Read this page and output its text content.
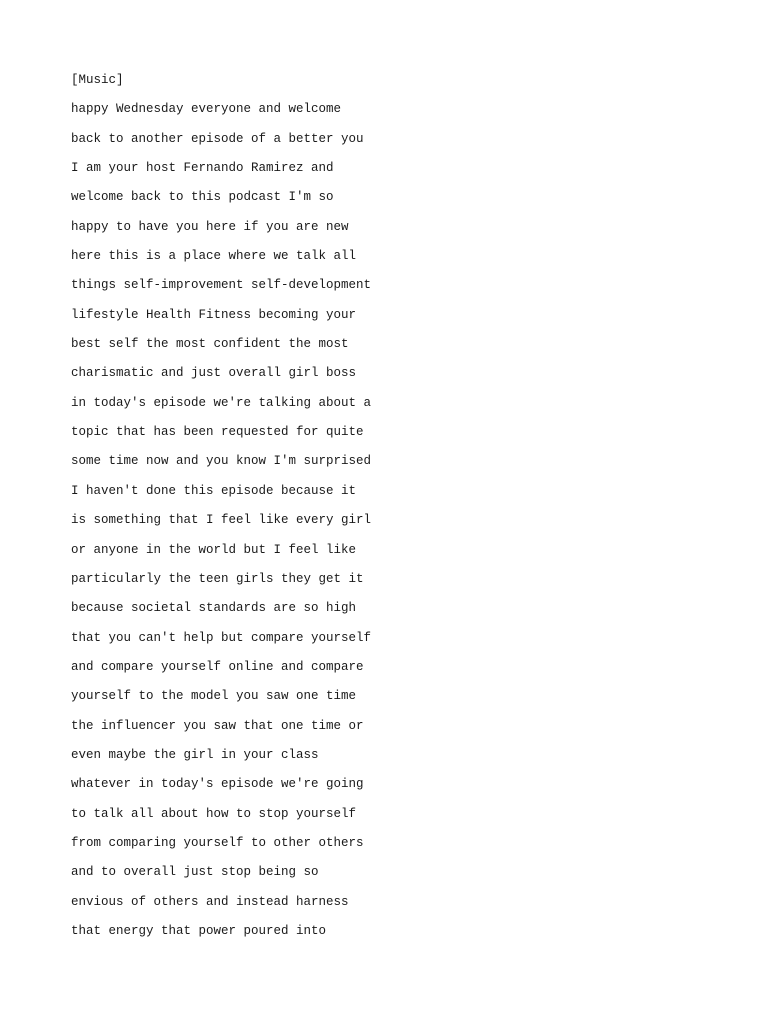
[Music]
happy Wednesday everyone and welcome
back to another episode of a better you
I am your host Fernando Ramirez and
welcome back to this podcast I'm so
happy to have you here if you are new
here this is a place where we talk all
things self-improvement self-development
lifestyle Health Fitness becoming your
best self the most confident the most
charismatic and just overall girl boss
in today's episode we're talking about a
topic that has been requested for quite
some time now and you know I'm surprised
I haven't done this episode because it
is something that I feel like every girl
or anyone in the world but I feel like
particularly the teen girls they get it
because societal standards are so high
that you can't help but compare yourself
and compare yourself online and compare
yourself to the model you saw one time
the influencer you saw that one time or
even maybe the girl in your class
whatever in today's episode we're going
to talk all about how to stop yourself
from comparing yourself to other others
and to overall just stop being so
envious of others and instead harness
that energy that power poured into
